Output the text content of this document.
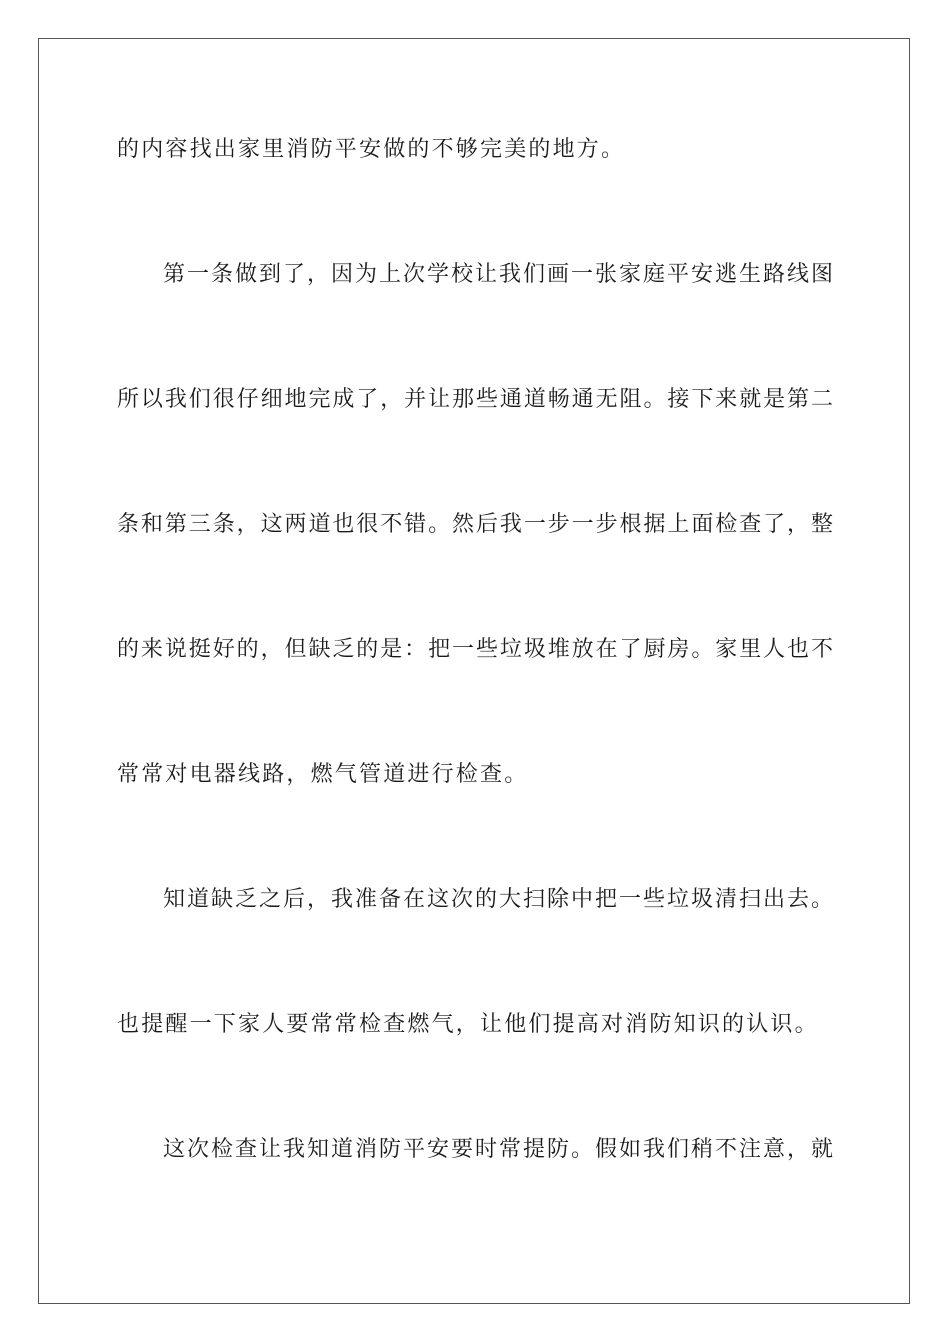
的内容找出家里消防平安做的不够完美的地方。
第一条做到了，因为上次学校让我们画一张家庭平安逃生路线图
所以我们很仔细地完成了，并让那些通道畅通无阻。接下来就是第二
条和第三条，这两道也很不错。然后我一步一步根据上面检查了，整
的来说挺好的，但缺乏的是：把一些垃圾堆放在了厨房。家里人也不
常常对电器线路，燃气管道进行检查。
知道缺乏之后，我准备在这次的大扫除中把一些垃圾清扫出去。
也提醒一下家人要常常检查燃气，让他们提高对消防知识的认识。
这次检查让我知道消防平安要时常提防。假如我们稍不注意，就
